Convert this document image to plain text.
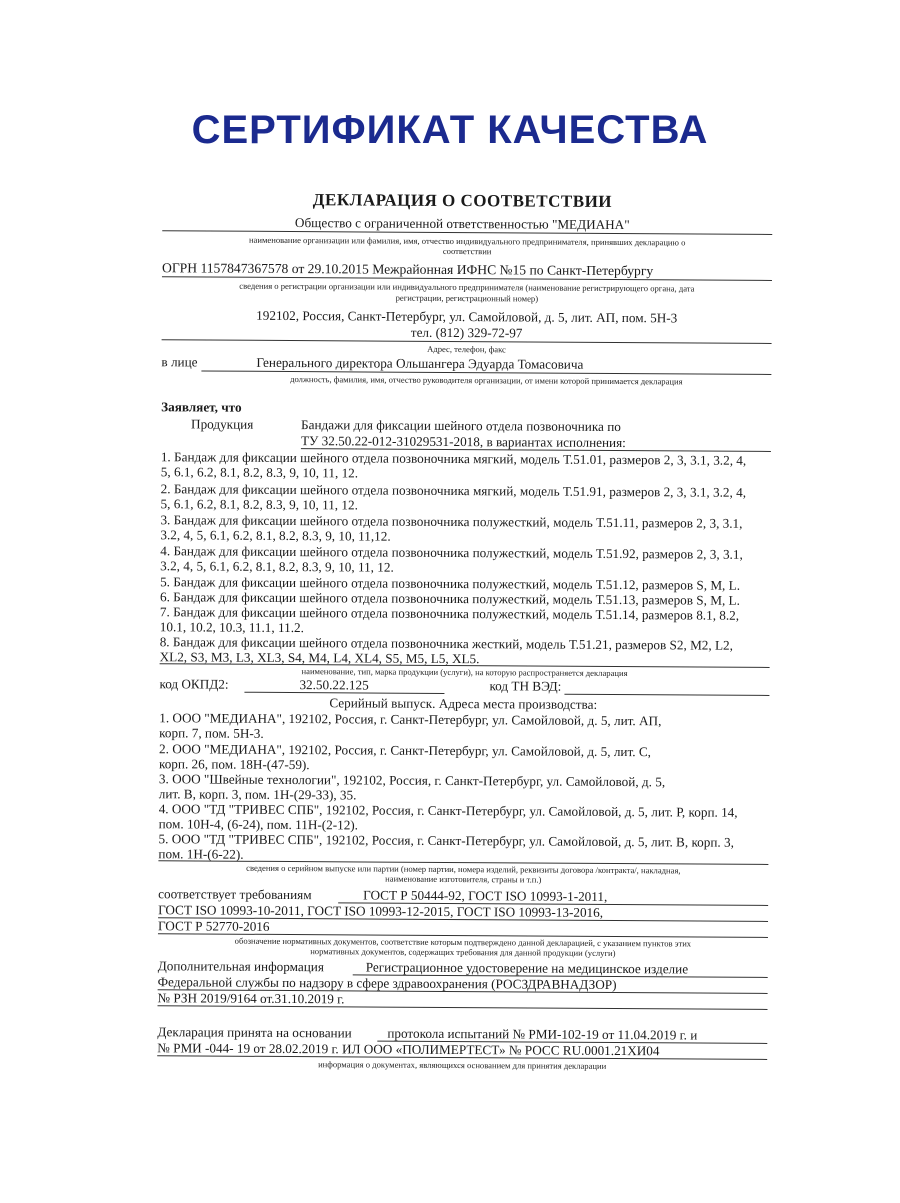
СЕРТИФИКАТ КАЧЕСТВА
ДЕКЛАРАЦИЯ О СООТВЕТСТВИИ
Общество с ограниченной ответственностью "МЕДИАНА"
наименование организации или фамилия, имя, отчество индивидуального предпринимателя, принявших декларацию о
соответствии
ОГРН 1157847367578 от 29.10.2015 Межрайонная ИФНС №15 по Санкт-Петербургу
сведения о регистрации организации или индивидуального предпринимателя (наименование регистрирующего органа, дата
регистрации, регистрационный номер)
192102, Россия, Санкт-Петербург, ул. Самойловой, д. 5, лит. АП, пом. 5Н-3
тел. (812) 329-72-97
Адрес, телефон, факс
в лице	Генерального директора Ольшангера Эдуарда Томасовича
должность, фамилия, имя, отчество руководителя организации, от имени которой принимается декларация
Заявляет, что
Продукция	Бандажи для фиксации шейного отдела позвоночника по
ТУ 32.50.22-012-31029531-2018, в вариантах исполнения:
1. Бандаж для фиксации шейного отдела позвоночника мягкий, модель Т.51.01, размеров 2, 3, 3.1, 3.2, 4,
5, 6.1, 6.2, 8.1, 8.2, 8.3, 9, 10, 11, 12.
2. Бандаж для фиксации шейного отдела позвоночника мягкий, модель Т.51.91, размеров 2, 3, 3.1, 3.2, 4,
5, 6.1, 6.2, 8.1, 8.2, 8.3, 9, 10, 11, 12.
3. Бандаж для фиксации шейного отдела позвоночника полужесткий, модель Т.51.11, размеров 2, 3, 3.1,
3.2, 4, 5, 6.1, 6.2, 8.1, 8.2, 8.3, 9, 10, 11,12.
4. Бандаж для фиксации шейного отдела позвоночника полужесткий, модель Т.51.92, размеров 2, 3, 3.1,
3.2, 4, 5, 6.1, 6.2, 8.1, 8.2, 8.3, 9, 10, 11, 12.
5. Бандаж для фиксации шейного отдела позвоночника полужесткий, модель Т.51.12, размеров S, M, L.
6. Бандаж для фиксации шейного отдела позвоночника полужесткий, модель Т.51.13, размеров S, M, L.
7. Бандаж для фиксации шейного отдела позвоночника полужесткий, модель Т.51.14, размеров 8.1, 8.2,
10.1, 10.2, 10.3, 11.1, 11.2.
8. Бандаж для фиксации шейного отдела позвоночника жесткий, модель Т.51.21, размеров S2, M2, L2,
XL2, S3, M3, L3, XL3, S4, M4, L4, XL4, S5, M5, L5, XL5.
наименование, тип, марка продукции (услуги), на которую распространяется декларация
код ОКПД2:	32.50.22.125	код ТН ВЭД:
Серийный выпуск. Адреса места производства:
1. ООО "МЕДИАНА", 192102, Россия, г. Санкт-Петербург, ул. Самойловой, д. 5, лит. АП,
корп. 7, пом. 5Н-3.
2. ООО "МЕДИАНА", 192102, Россия, г. Санкт-Петербург, ул. Самойловой, д. 5, лит. С,
корп. 26, пом. 18Н-(47-59).
3. ООО "Швейные технологии", 192102, Россия, г. Санкт-Петербург, ул. Самойловой, д. 5,
лит. В, корп. 3, пом. 1Н-(29-33), 35.
4. ООО "ТД "ТРИВЕС СПБ", 192102, Россия, г. Санкт-Петербург, ул. Самойловой, д. 5, лит. Р, корп. 14,
пом. 10Н-4, (6-24), пом. 11Н-(2-12).
5. ООО "ТД "ТРИВЕС СПБ", 192102, Россия, г. Санкт-Петербург, ул. Самойловой, д. 5, лит. В, корп. 3,
пом. 1Н-(6-22).
сведения о серийном выпуске или партии (номер партии, номера изделий, реквизиты договора /контракта/, накладная,
наименование изготовителя, страны и т.п.)
соответствует требованиям	ГОСТ Р 50444-92, ГОСТ ISO 10993-1-2011,
ГОСТ ISO 10993-10-2011, ГОСТ ISO 10993-12-2015, ГОСТ ISO 10993-13-2016,
ГОСТ Р 52770-2016
обозначение нормативных документов, соответствие которым подтверждено данной декларацией, с указанием пунктов этих
нормативных документов, содержащих требования для данной продукции (услуги)
Дополнительная информация	Регистрационное удостоверение на медицинское изделие
Федеральной службы по надзору в сфере здравоохранения (РОСЗДРАВНАДЗОР)
№ РЗН 2019/9164 от.31.10.2019 г.
Декларация принята на основании	протокола испытаний № РМИ-102-19 от 11.04.2019 г. и
№ РМИ -044- 19 от 28.02.2019 г. ИЛ ООО «ПОЛИМЕРТЕСТ» № РОСС RU.0001.21ХИ04
информация о документах, являющихся основанием для принятия декларации
